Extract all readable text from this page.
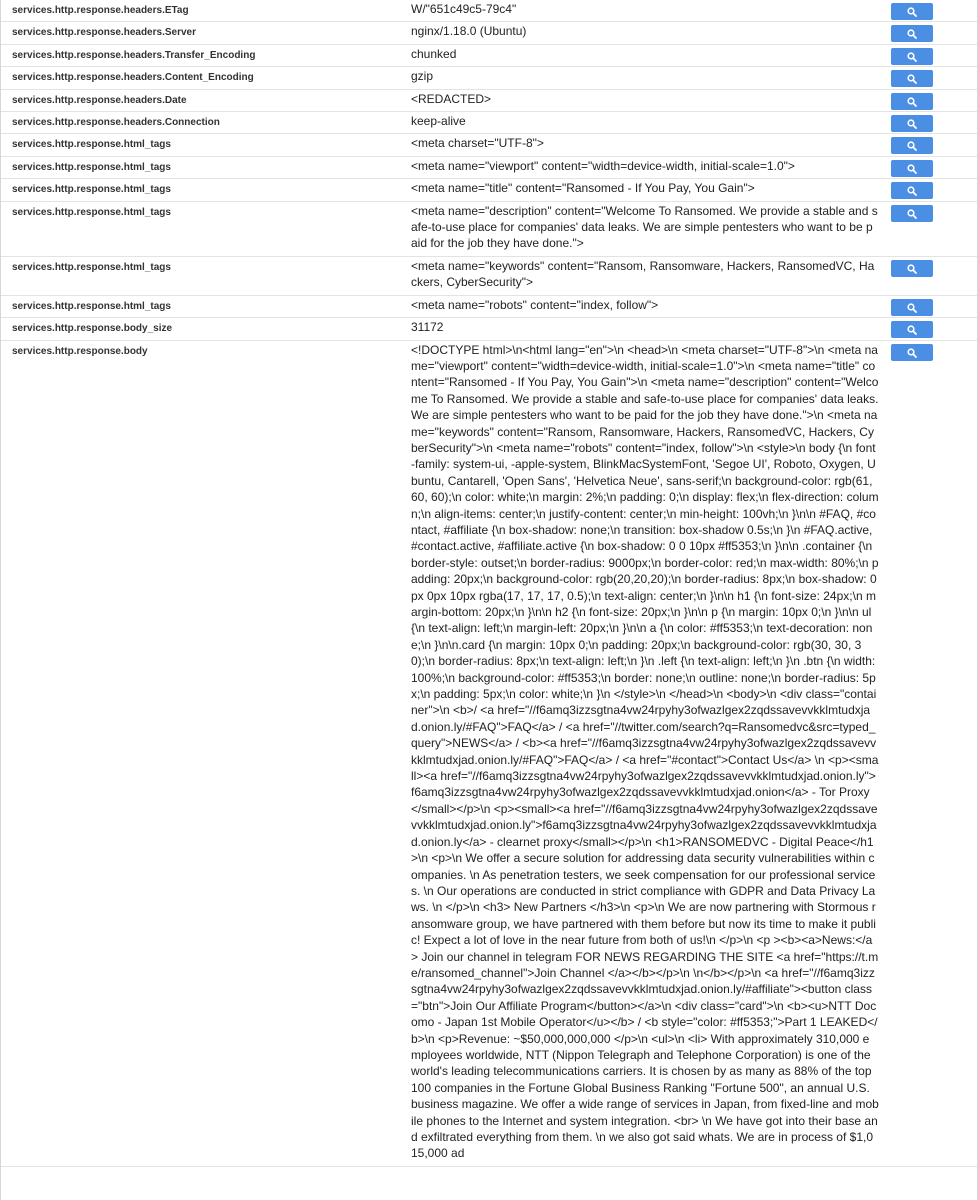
services.http.response.headers.ETag	W/"651c49c5-79c4"	

services.http.response.headers.Server	nginx/1.18.0 (Ubuntu)	

services.http.response.headers.Transfer_Encoding	chunked	

services.http.response.headers.Content_Encoding	gzip	

services.http.response.headers.Date	<REDACTED>	

services.http.response.headers.Connection	keep-alive	

services.http.response.html_tags	<meta charset="UTF-8">	

services.http.response.html_tags	<meta name="viewport" content="width=device-width, initial-scale=1.0">	

services.http.response.html_tags	<meta name="title" content="Ransomed - If You Pay, You Gain">	

services.http.response.html_tags	<meta name="description" content="Welcome To Ransomed. We provide a stable and safe-to-use place for companies' data leaks. We are simple pentesters who want to be paid for the job they have done.">	

services.http.response.html_tags	<meta name="keywords" content="Ransom, Ransomware, Hackers, RansomedVC, Hackers, CyberSecurity">	

services.http.response.html_tags	<meta name="robots" content="index, follow">	

services.http.response.body_size	31172	

services.http.response.body	<!DOCTYPE html>\n<html lang="en">\n <head>\n <meta charset="UTF-8">\n <meta name="viewport" content="width=device-width, initial-scale=1.0">\n <meta name="title" content="Ransomed - If You Pay, You Gain">\n <meta name="description" content="Welcome To Ransomed. We provide a stable and safe-to-use place for companies' data leaks. We are simple pentesters who want to be paid for the job they have done.">\n <meta name="keywords" content="Ransom, Ransomware, Hackers, RansomedVC, Hackers, CyberSecurity">\n <meta name="robots" content="index, follow">\n <style>\n body {\n font-family: system-ui, -apple-system, BlinkMacSystemFont, 'Segoe UI', Roboto, Oxygen, Ubuntu, Cantarell, 'Open Sans', 'Helvetica Neue', sans-serif;\n background-color: rgb(61, 60, 60);\n color: white;\n margin: 2%;\n padding: 0;\n display: flex;\n flex-direction: column;\n align-items: center;\n justify-content: center;\n min-height: 100vh;\n }\n\n #FAQ, #contact, #affiliate {\n box-shadow: none;\n transition: box-shadow 0.5s;\n }\n #FAQ.active, #contact.active, #affiliate.active {\n box-shadow: 0 0 10px #ff5353;\n }\n\n .container {\n border-style: outset;\n border-radius: 9000px;\n border-color: red;\n max-width: 80%;\n padding: 20px;\n background-color: rgb(20,20,20);\n border-radius: 8px;\n box-shadow: 0px 0px 10px rgba(17, 17, 17, 0.5);\n text-align: center;\n }\n\n h1 {\n font-size: 24px;\n margin-bottom: 20px;\n }\n\n h2 {\n font-size: 20px;\n }\n\n p {\n margin: 10px 0;\n }\n\n ul {\n text-align: left;\n margin-left: 20px;\n }\n\n a {\n color: #ff5353;\n text-decoration: none;\n }\n\n.card {\n margin: 10px 0;\n padding: 20px;\n background-color: rgb(30, 30, 30);\n border-radius: 8px;\n text-align: left;\n }\n .left {\n text-align: left;\n }\n .btn {\n width: 100%;\n background-color: #ff5353;\n border: none;\n outline: none;\n border-radius: 5px;\n padding: 5px;\n color: white;\n }\n </style>\n </head>\n <body>\n <div class="container">\n <b>/ <a href="//f6amq3izzsgtna4vw24rpyhy3ofwazlgex2zqdssavevvkklmtudxjad.onion.ly/#FAQ">FAQ</a> / <a href="//twitter.com/search?q=Ransomedvc&src=typed_query">NEWS</a> / <b><a href="//f6amq3izzsgtna4vw24rpyhy3ofwazlgex2zqdssavevvkklmtudxjad.onion.ly/#FAQ">FAQ</a> / <a href="#contact">Contact Us</a> \n <p><small><a href="//f6amq3izzsgtna4vw24rpyhy3ofwazlgex2zqdssavevvkklmtudxjad.onion.ly">f6amq3izzsgtna4vw24rpyhy3ofwazlgex2zqdssavevvkklmtudxjad.onion</a> - Tor Proxy</small></p>\n <p><small><a href="//f6amq3izzsgtna4vw24rpyhy3ofwazlgex2zqdssavevvkklmtudxjad.onion.ly">f6amq3izzsgtna4vw24rpyhy3ofwazlgex2zqdssavevvkklmtudxjad.onion.ly</a> - clearnet proxy</small></p>\n <h1>RANSOMEDVC - Digital Peace</h1>\n <p>\n We offer a secure solution for addressing data security vulnerabilities within companies. \n As penetration testers, we seek compensation for our professional services. \n Our operations are conducted in strict compliance with GDPR and Data Privacy Laws. \n </p>\n <h3> New Partners </h3>\n <p>\n We are now partnering with Stormous ransomware group, we have partnered with them before but now its time to make it public! Expect a lot of love in the near future from both of us!\n </p>\n <p ><b><a>News:</a> Join our channel in telegram FOR NEWS REGARDING THE SITE <a href="https://t.me/ransomed_channel">Join Channel </a></b></p>\n \n</b></p>\n <a href="//f6amq3izzsgtna4vw24rpyhy3ofwazlgex2zqdssavevvkklmtudxjad.onion.ly/#affiliate"><button class="btn">Join Our Affiliate Program</button></a>\n <div class="card">\n <b><u>NTT Docomo - Japan 1st Mobile Operator</u></b> / <b style="color: #ff5353;">Part 1 LEAKED</b>\n <p>Revenue: ~$50,000,000,000 </p>\n <ul>\n <li> With approximately 310,000 employees worldwide, NTT (Nippon Telegraph and Telephone Corporation) is one of the world's leading telecommunications carriers. It is chosen by as many as 88% of the top 100 companies in the Fortune Global Business Ranking "Fortune 500", an annual U.S. business magazine. We offer a wide range of services in Japan, from fixed-line and mobile phones to the Internet and system integration. <br> \n We have got into their base and exfiltrated everything from them. \n we also got said whats. We are in process of $1,015,000 ad	
